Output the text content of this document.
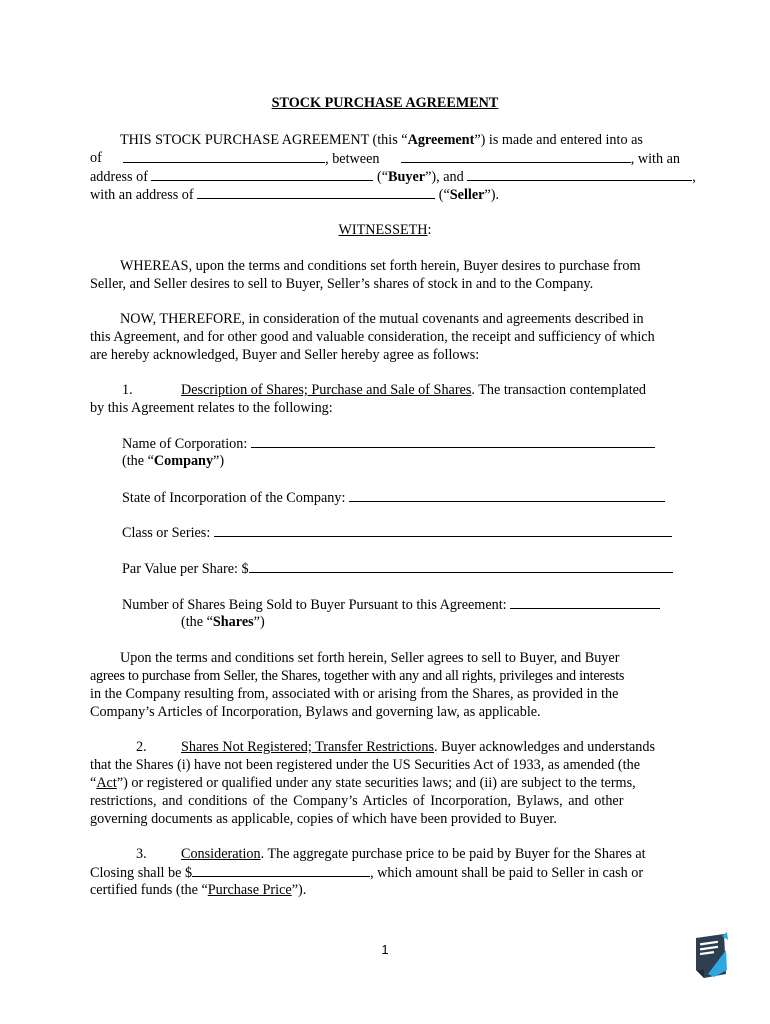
STOCK PURCHASE AGREEMENT
THIS STOCK PURCHASE AGREEMENT (this “Agreement”) is made and entered into as
of	, between	, with an
address of	(“Buyer”), and	,
with an address of	(“Seller”).
WITNESSETH:
WHEREAS, upon the terms and conditions set forth herein, Buyer desires to purchase from
Seller, and Seller desires to sell to Buyer, Seller’s shares of stock in and to the Company.
NOW, THEREFORE, in consideration of the mutual covenants and agreements described in
this Agreement, and for other good and valuable consideration, the receipt and sufficiency of which
are hereby acknowledged, Buyer and Seller hereby agree as follows:
1.	Description of Shares; Purchase and Sale of Shares. The transaction contemplated
by this Agreement relates to the following:
Name of Corporation:
(the “Company”)
State of Incorporation of the Company:
Class or Series:
Par Value per Share: $
Number of Shares Being Sold to Buyer Pursuant to this Agreement:
(the “Shares”)
Upon the terms and conditions set forth herein, Seller agrees to sell to Buyer, and Buyer
agrees to purchase from Seller, the Shares, together with any and all rights, privileges and interests
in the Company resulting from, associated with or arising from the Shares, as provided in the
Company’s Articles of Incorporation, Bylaws and governing law, as applicable.
2. Shares Not Registered; Transfer Restrictions. Buyer acknowledges and understands
that the Shares (i) have not been registered under the US Securities Act of 1933, as amended (the
“Act”) or registered or qualified under any state securities laws; and (ii) are subject to the terms,
restrictions, and conditions of the Company’s Articles of Incorporation, Bylaws, and other
governing documents as applicable, copies of which have been provided to Buyer.
3. Consideration. The aggregate purchase price to be paid by Buyer for the Shares at
Closing shall be $	, which amount shall be paid to Seller in cash or
certified funds (the “Purchase Price”).
1
